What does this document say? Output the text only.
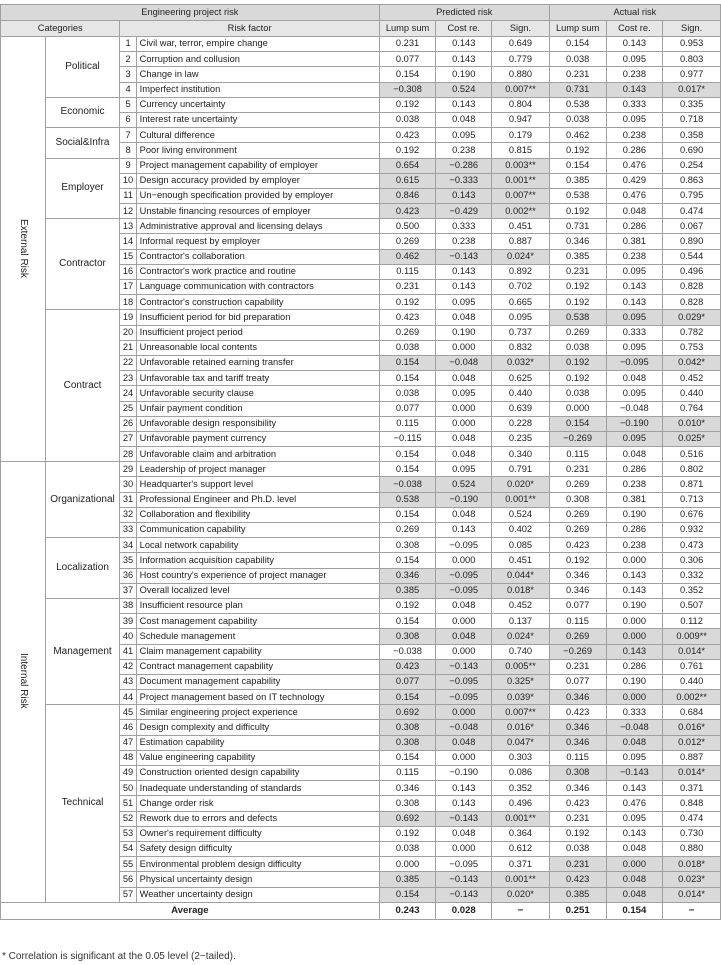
Engineering project risk				Predicted risk			Actual risk		
Categories		Risk factor		Lump sum	Cost re.	Sign.	Lump sum	Cost re.	Sign.
External Risk	Political	1	Civil war, terror, empire change	0.231	0.143	0.649	0.154	0.143	0.953
		2	Corruption and collusion	0.077	0.143	0.779	0.038	0.095	0.803
		3	Change in law	0.154	0.190	0.880	0.231	0.238	0.977
		4	Imperfect institution	−0.308	0.524	0.007**	0.731	0.143	0.017*
	Economic	5	Currency uncertainty	0.192	0.143	0.804	0.538	0.333	0.335
		6	Interest rate uncertainty	0.038	0.048	0.947	0.038	0.095	0.718
	Social&Infra	7	Cultural difference	0.423	0.095	0.179	0.462	0.238	0.358
		8	Poor living environment	0.192	0.238	0.815	0.192	0.286	0.690
	Employer	9	Project management capability of employer	0.654	−0.286	0.003**	0.154	0.476	0.254
		10	Design accuracy provided by employer	0.615	−0.333	0.001**	0.385	0.429	0.863
		11	Un−enough specification provided by employer	0.846	0.143	0.007**	0.538	0.476	0.795
		12	Unstable financing resources of employer	0.423	−0.429	0.002**	0.192	0.048	0.474
	Contractor	13	Administrative approval and licensing delays	0.500	0.333	0.451	0.731	0.286	0.067
		14	Informal request by employer	0.269	0.238	0.887	0.346	0.381	0.890
		15	Contractor's collaboration	0.462	−0.143	0.024*	0.385	0.238	0.544
		16	Contractor's work practice and routine	0.115	0.143	0.892	0.231	0.095	0.496
		17	Language communication with contractors	0.231	0.143	0.702	0.192	0.143	0.828
		18	Contractor's construction capability	0.192	0.095	0.665	0.192	0.143	0.828
	Contract	19	Insufficient period for bid preparation	0.423	0.048	0.095	0.538	0.095	0.029*
		20	Insufficient project period	0.269	0.190	0.737	0.269	0.333	0.782
		21	Unreasonable local contents	0.038	0.000	0.832	0.038	0.095	0.753
		22	Unfavorable retained earning transfer	0.154	−0.048	0.032*	0.192	−0.095	0.042*
		23	Unfavorable tax and tariff treaty	0.154	0.048	0.625	0.192	0.048	0.452
		24	Unfavorable security clause	0.038	0.095	0.440	0.038	0.095	0.440
		25	Unfair payment condition	0.077	0.000	0.639	0.000	−0.048	0.764
		26	Unfavorable design responsibility	0.115	0.000	0.228	0.154	−0.190	0.010*
		27	Unfavorable payment currency	−0.115	0.048	0.235	−0.269	0.095	0.025*
		28	Unfavorable claim and arbitration	0.154	0.048	0.340	0.115	0.048	0.516
Internal Risk	Organizational	29	Leadership of project manager	0.154	0.095	0.791	0.231	0.286	0.802
		30	Headquarter's support level	−0.038	0.524	0.020*	0.269	0.238	0.871
		31	Professional Engineer and Ph.D. level	0.538	−0.190	0.001**	0.308	0.381	0.713
		32	Collaboration and flexibility	0.154	0.048	0.524	0.269	0.190	0.676
		33	Communication capability	0.269	0.143	0.402	0.269	0.286	0.932
	Localization	34	Local network capability	0.308	−0.095	0.085	0.423	0.238	0.473
		35	Information acquisition capability	0.154	0.000	0.451	0.192	0.000	0.306
		36	Host country's experience of project manager	0.346	−0.095	0.044*	0.346	0.143	0.332
		37	Overall localized level	0.385	−0.095	0.018*	0.346	0.143	0.352
	Management	38	Insufficient resource plan	0.192	0.048	0.452	0.077	0.190	0.507
		39	Cost management capability	0.154	0.000	0.137	0.115	0.000	0.112
		40	Schedule management	0.308	0.048	0.024*	0.269	0.000	0.009**
		41	Claim management capability	−0.038	0.000	0.740	−0.269	0.143	0.014*
		42	Contract management capability	0.423	−0.143	0.005**	0.231	0.286	0.761
		43	Document management capability	0.077	−0.095	0.325*	0.077	0.190	0.440
		44	Project management based on IT technology	0.154	−0.095	0.039*	0.346	0.000	0.002**
	Technical	45	Similar engineering project experience	0.692	0.000	0.007**	0.423	0.333	0.684
		46	Design complexity and difficulty	0.308	−0.048	0.016*	0.346	−0.048	0.016*
		47	Estimation capability	0.308	0.048	0.047*	0.346	0.048	0.012*
		48	Value engineering capability	0.154	0.000	0.303	0.115	0.095	0.887
		49	Construction oriented design capability	0.115	−0.190	0.086	0.308	−0.143	0.014*
		50	Inadequate understanding of standards	0.346	0.143	0.352	0.346	0.143	0.371
		51	Change order risk	0.308	0.143	0.496	0.423	0.476	0.848
		52	Rework due to errors and defects	0.692	−0.143	0.001**	0.231	0.095	0.474
		53	Owner's requirement difficulty	0.192	0.048	0.364	0.192	0.143	0.730
		54	Safety design difficulty	0.038	0.000	0.612	0.038	0.048	0.880
		55	Environmental problem design difficulty	0.000	−0.095	0.371	0.231	0.000	0.018*
		56	Physical uncertainty design	0.385	−0.143	0.001**	0.423	0.048	0.023*
		57	Weather uncertainty design	0.154	−0.143	0.020*	0.385	0.048	0.014*
Average				0.243	0.028	−	0.251	0.154	−
* Correlation is significant at the 0.05 level (2−tailed).
